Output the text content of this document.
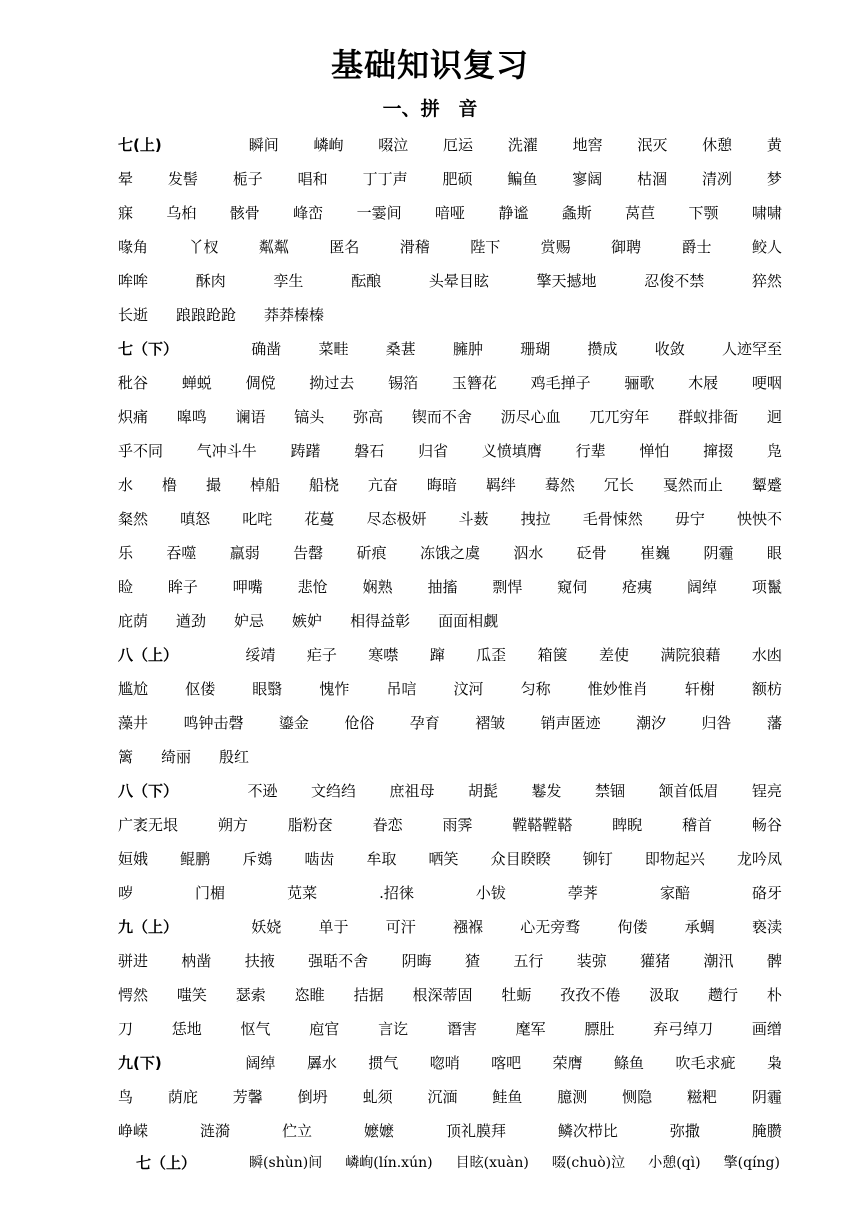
基础知识复习
一、拼 音
七(上)	瞬间 嶙峋 啜泣 厄运 洗濯 地窖 泯灭 休憩 黄
晕 发髻 栀子 唱和 丁丁声 肥硕 鳊鱼 寥阔 枯涸 清冽 梦
寐 乌桕 骸骨 峰峦 一霎间 喑哑 静谧 螽斯 莴苣 下颚 啸啸
喙角	丫杈	粼粼	匿名	滑稽	陛下	赏赐	御聘	爵士	鲛人
哞哞	酥肉	孪生	酝酿	头晕目眩	擎天撼地	忍俊不禁	猝然
长逝 踉踉跄跄 莽莽榛榛
七（下）	确凿 菜畦 桑葚 臃肿 珊瑚 攒成 收敛 人迹罕至
秕谷 蝉蜕 倜傥 拗过去 锡箔 玉簪花 鸡毛掸子 骊歌 木屐 哽咽
炽痛 嗥鸣 谰语 镐头 弥高 锲而不舍 沥尽心血 兀兀穷年 群蚁排衙 迥
乎不同 气冲斗牛 踌躇 磐石 归省 义愤填膺 行辈 惮怕 撺掇 凫
水 橹 撮 棹船 船桡 亢奋 晦暗 羁绊 蓦然 冗长 戛然而止 颦蹙
粲然 嗔怒 叱咤 花蔓 尽态极妍 斗薮 拽拉 毛骨悚然 毋宁 怏怏不
乐 吞噬 羸弱 告罄 斫痕 冻饿之虞 泅水 砭骨 崔巍 阴霾 眼
睑 眸子 呷嘴 悲怆 娴熟 抽搐 剽悍 窥伺 疮痍 阔绰 项鬣
庇荫 遒劲 妒忌 嫉妒 相得益彰 面面相觑
八（上）	绥靖 疟子 寒噤 蹿 瓜歪 箱箧 差使 满院狼藉 水凼
尴尬 伛偻 眼翳 愧怍 吊唁 汶河 匀称 惟妙惟肖 轩榭 额枋
藻井 鸣钟击磬 鎏金 伧俗 孕育 褶皱 销声匿迹 潮汐 归咎 藩
篱 绮丽 殷红
八（下）	不逊 文绉绉 庶祖母 胡髭 鬈发 禁锢 颔首低眉 锃亮
广袤无垠	朔方	脂粉奁	眷恋	雨霁	鞺鞳鞺鞳	睥睨	稽首	畅谷
姮娥 鲲鹏 斥鴳 啮齿 牟取 哂笑 众目睽睽 铆钉 即物起兴 龙吟凤
哕	门楣	苋菜	.招徕	小钹	荸荠	家醅	硌牙
九（上）	妖娆 单于 可汗 襁褓 心无旁骛 佝偻 承蜩 亵渎
骈进 枘凿 扶掖 强聒不舍 阴晦 猹 五行 装弶 獾猪 潮汛 髀
愕然 嗤笑 瑟索 恣睢 拮据 根深蒂固 牡蛎 孜孜不倦 汲取 趱行 朴
刀	恁地	怄气	庖官	言讫	谮害	麾军	膘肚	弃弓绰刀	画缯
九(下)	阔绰 羼水 掼气 唿哨 喀吧 荣膺 鲦鱼 吹毛求疵 枭
鸟 荫庇 芳馨 倒坍 虬须 沉湎 鲑鱼 臆测 恻隐 糍粑 阴霾
峥嵘	涟漪	伫立	嬷嬷	顶礼膜拜	鳞次栉比	弥撒	腌臜
七（上）	瞬(shùn)间 嶙峋(lín.xún) 目眩(xuàn) 啜(chuò)泣 小憩(qì) 擎(qíng)
